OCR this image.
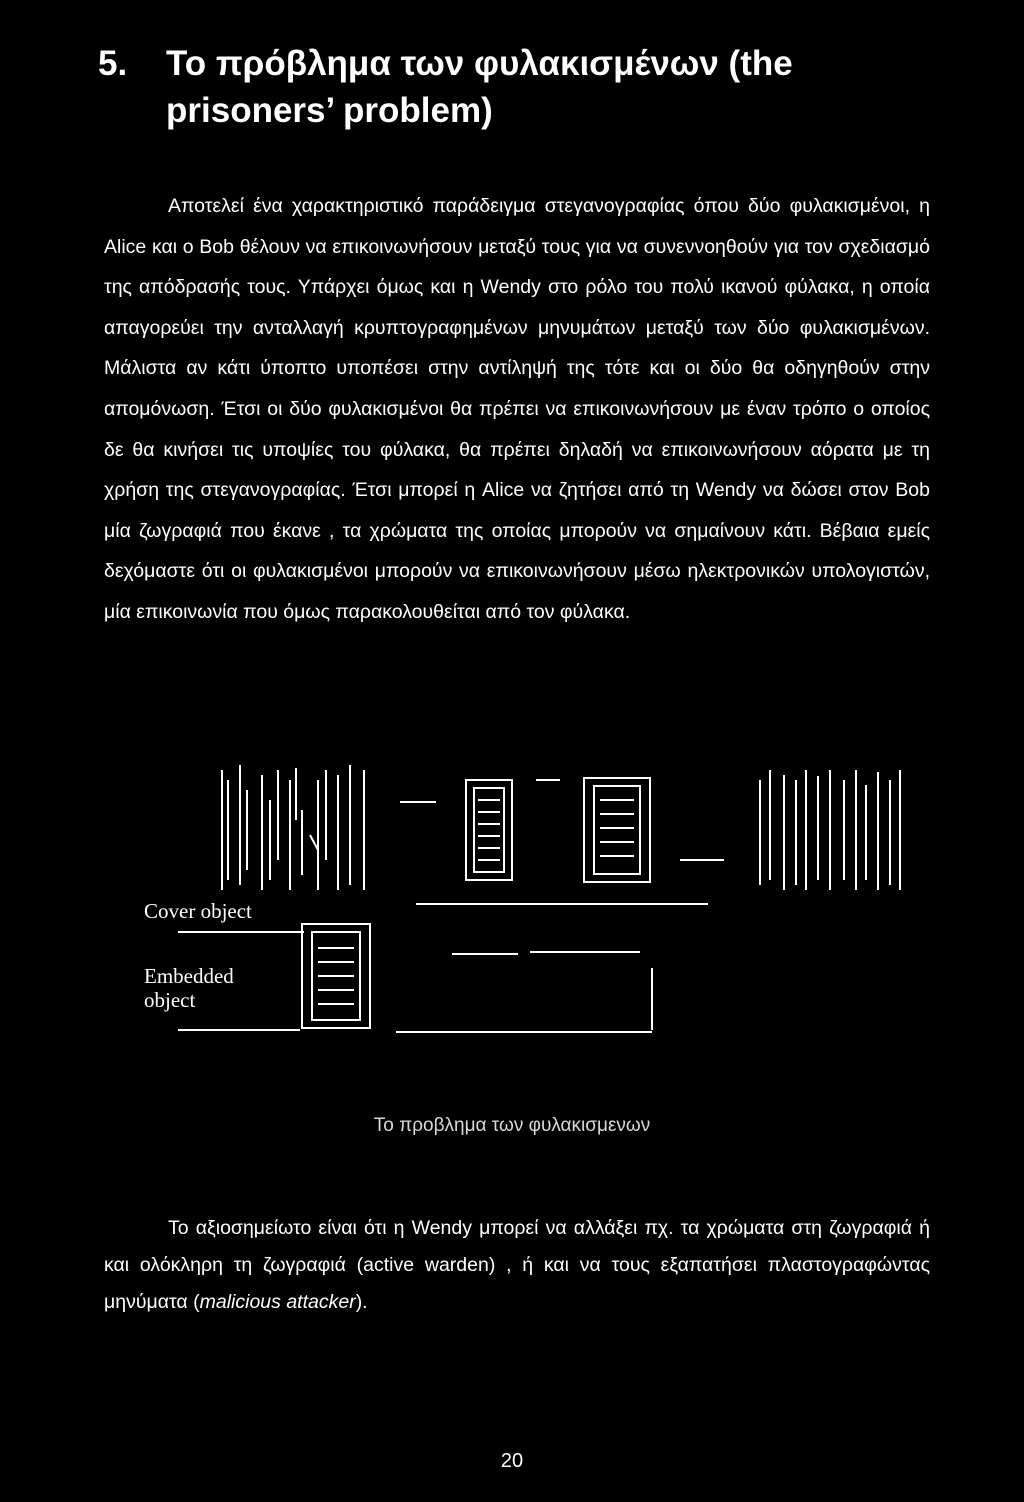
5. Το πρόβλημα των φυλακισμένων (the
prisoners’ problem)

Αποτελεί ένα χαρακτηριστικό παράδειγμα στεγανογραφίας όπου δύο φυλακισμένοι, η Alice και ο Bob θέλουν να επικοινωνήσουν μεταξύ τους για να συνεννοηθούν για τον σχεδιασμό της απόδρασής τους. Υπάρχει όμως και η Wendy στο ρόλο του πολύ ικανού φύλακα, η οποία απαγορεύει την ανταλλαγή κρυπτογραφημένων μηνυμάτων μεταξύ των δύο φυλακισμένων. Μάλιστα αν κάτι ύποπτο υποπέσει στην αντίληψή της τότε και οι δύο θα οδηγηθούν στην απομόνωση. Έτσι οι δύο φυλακισμένοι θα πρέπει να επικοινωνήσουν με έναν τρόπο ο οποίος δε θα κινήσει τις υποψίες του φύλακα, θα πρέπει δηλαδή να επικοινωνήσουν αόρατα με τη χρήση της στεγανογραφίας. Έτσι μπορεί η Alice να ζητήσει από τη Wendy να δώσει στον Bob μία ζωγραφιά που έκανε , τα χρώματα της οποίας μπορούν να σημαίνουν κάτι. Βέβαια εμείς δεχόμαστε ότι οι φυλακισμένοι μπορούν να επικοινωνήσουν μέσω ηλεκτρονικών υπολογιστών, μία επικοινωνία που όμως παρακολουθείται από τον φύλακα.

Cover object
Embedded
object

Το προβλημα των φυλακισμενων

Το αξιοσημείωτο είναι ότι η Wendy μπορεί να αλλάξει πχ. τα χρώματα στη ζωγραφιά ή και ολόκληρη τη ζωγραφιά (active warden) , ή και να τους εξαπατήσει πλαστογραφώντας μηνύματα (malicious attacker).

20
